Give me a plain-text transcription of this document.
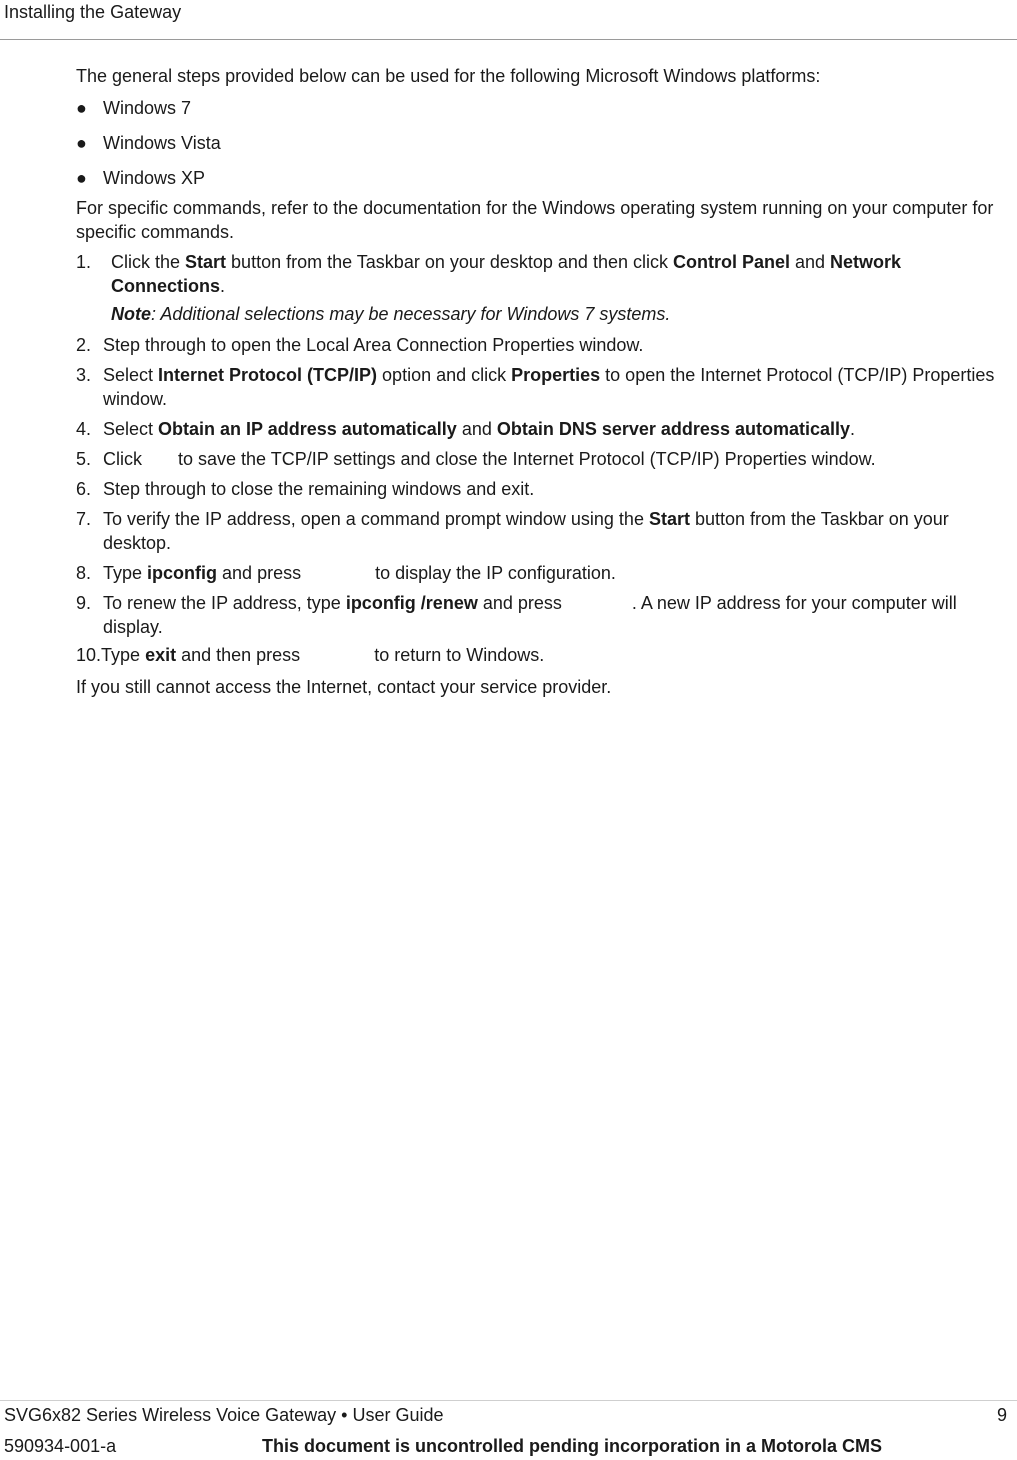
Installing the Gateway

The general steps provided below can be used for the following Microsoft Windows platforms:

● Windows 7
● Windows Vista
● Windows XP

For specific commands, refer to the documentation for the Windows operating system running on your computer for specific commands.

1. Click the Start button from the Taskbar on your desktop and then click Control Panel and Network Connections.
Note: Additional selections may be necessary for Windows 7 systems.
2. Step through to open the Local Area Connection Properties window.
3. Select Internet Protocol (TCP/IP) option and click Properties to open the Internet Protocol (TCP/IP) Properties window.
4. Select Obtain an IP address automatically and Obtain DNS server address automatically.
5. Click to save the TCP/IP settings and close the Internet Protocol (TCP/IP) Properties window.
6. Step through to close the remaining windows and exit.
7. To verify the IP address, open a command prompt window using the Start button from the Taskbar on your desktop.
8. Type ipconfig and press	to display the IP configuration.
9. To renew the IP address, type ipconfig /renew and press	. A new IP address for your computer will display.
10.Type exit and then press	to return to Windows.

If you still cannot access the Internet, contact your service provider.

SVG6x82 Series Wireless Voice Gateway • User Guide	9
590934-001-a	This document is uncontrolled pending incorporation in a Motorola CMS
